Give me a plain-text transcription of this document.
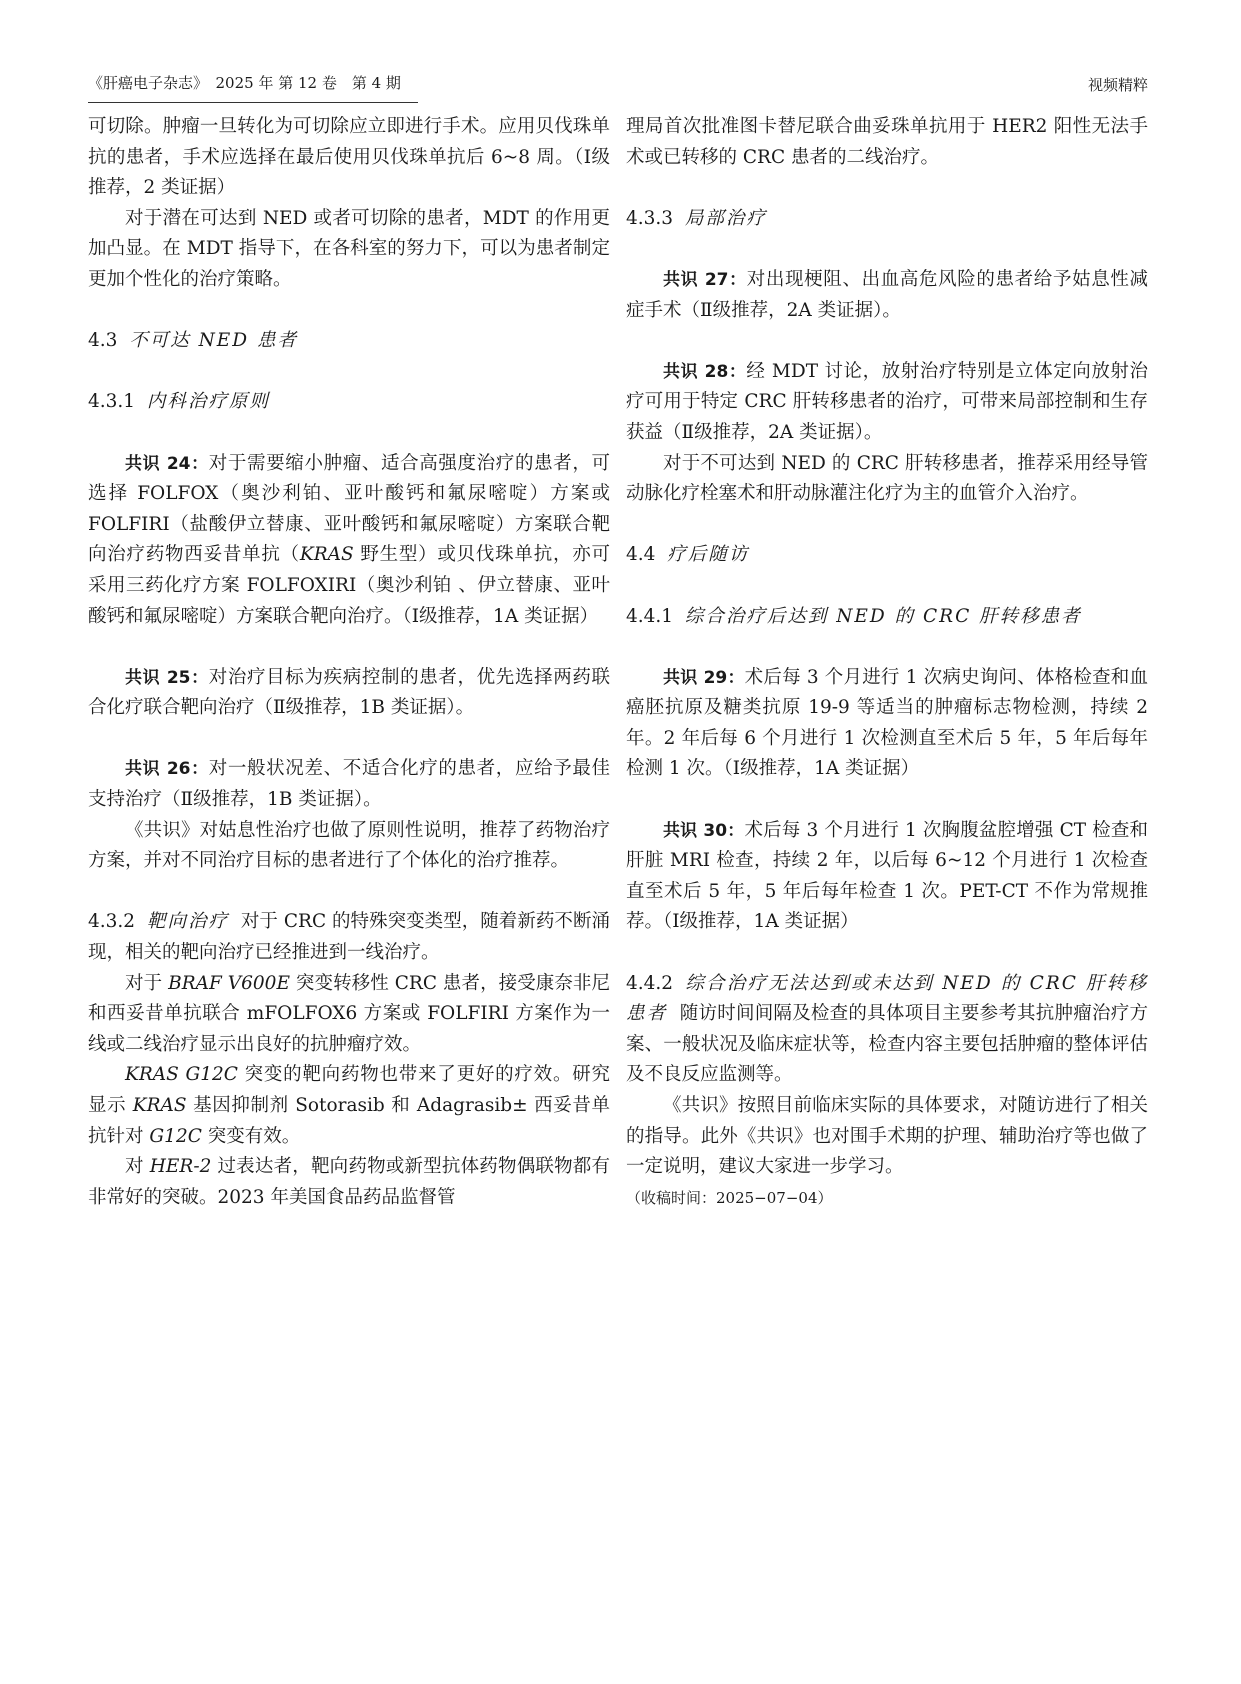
《肝癌电子杂志》　2025 年 第 12 卷　第 4 期	视频精粹

可切除。肿瘤一旦转化为可切除应立即进行手术。应用贝伐珠单抗的患者，手术应选择在最后使用贝伐珠单抗后 6~8 周。（Ⅰ级推荐，2 类证据）

对于潜在可达到 NED 或者可切除的患者，MDT 的作用更加凸显。在 MDT 指导下，在各科室的努力下，可以为患者制定更加个性化的治疗策略。

4.3 不可达 NED 患者
4.3.1 内科治疗原则

共识 24：对于需要缩小肿瘤、适合高强度治疗的患者，可选择 FOLFOX（奥沙利铂、亚叶酸钙和氟尿嘧啶）方案或 FOLFIRI（盐酸伊立替康、亚叶酸钙和氟尿嘧啶）方案联合靶向治疗药物西妥昔单抗（KRAS 野生型）或贝伐珠单抗，亦可采用三药化疗方案 FOLFOXIRI（奥沙利铂 、伊立替康、亚叶酸钙和氟尿嘧啶）方案联合靶向治疗。（Ⅰ级推荐，1A 类证据）

共识 25：对治疗目标为疾病控制的患者，优先选择两药联合化疗联合靶向治疗（Ⅱ级推荐，1B 类证据）。

共识 26：对一般状况差、不适合化疗的患者，应给予最佳支持治疗（Ⅱ级推荐，1B 类证据）。

《共识》对姑息性治疗也做了原则性说明，推荐了药物治疗方案，并对不同治疗目标的患者进行了个体化的治疗推荐。

4.3.2 靶向治疗 对于 CRC 的特殊突变类型，随着新药不断涌现，相关的靶向治疗已经推进到一线治疗。

对于 BRAF V600E 突变转移性 CRC 患者，接受康奈非尼和西妥昔单抗联合 mFOLFOX6 方案或 FOLFIRI 方案作为一线或二线治疗显示出良好的抗肿瘤疗效。

KRAS G12C 突变的靶向药物也带来了更好的疗效。研究显示 KRAS 基因抑制剂 Sotorasib 和 Adagrasib± 西妥昔单抗针对 G12C 突变有效。

对 HER-2 过表达者，靶向药物或新型抗体药物偶联物都有非常好的突破。2023 年美国食品药品监督管

理局首次批准图卡替尼联合曲妥珠单抗用于 HER2 阳性无法手术或已转移的 CRC 患者的二线治疗。

4.3.3 局部治疗

共识 27：对出现梗阻、出血高危风险的患者给予姑息性减症手术（Ⅱ级推荐，2A 类证据）。

共识 28：经 MDT 讨论，放射治疗特别是立体定向放射治疗可用于特定 CRC 肝转移患者的治疗，可带来局部控制和生存获益（Ⅱ级推荐，2A 类证据）。

对于不可达到 NED 的 CRC 肝转移患者，推荐采用经导管动脉化疗栓塞术和肝动脉灌注化疗为主的血管介入治疗。

4.4 疗后随访
4.4.1 综合治疗后达到 NED 的 CRC 肝转移患者

共识 29：术后每 3 个月进行 1 次病史询问、体格检查和血癌胚抗原及糖类抗原 19-9 等适当的肿瘤标志物检测，持续 2 年。2 年后每 6 个月进行 1 次检测直至术后 5 年，5 年后每年检测 1 次。（Ⅰ级推荐，1A 类证据）

共识 30：术后每 3 个月进行 1 次胸腹盆腔增强 CT 检查和肝脏 MRI 检查，持续 2 年，以后每 6~12 个月进行 1 次检查直至术后 5 年，5 年后每年检查 1 次。PET-CT 不作为常规推荐。（Ⅰ级推荐，1A 类证据）

4.4.2 综合治疗无法达到或未达到 NED 的 CRC 肝转移患者 随访时间间隔及检查的具体项目主要参考其抗肿瘤治疗方案、一般状况及临床症状等，检查内容主要包括肿瘤的整体评估及不良反应监测等。

《共识》按照目前临床实际的具体要求，对随访进行了相关的指导。此外《共识》也对围手术期的护理、辅助治疗等也做了一定说明，建议大家进一步学习。

（收稿时间：2025−07−04）
